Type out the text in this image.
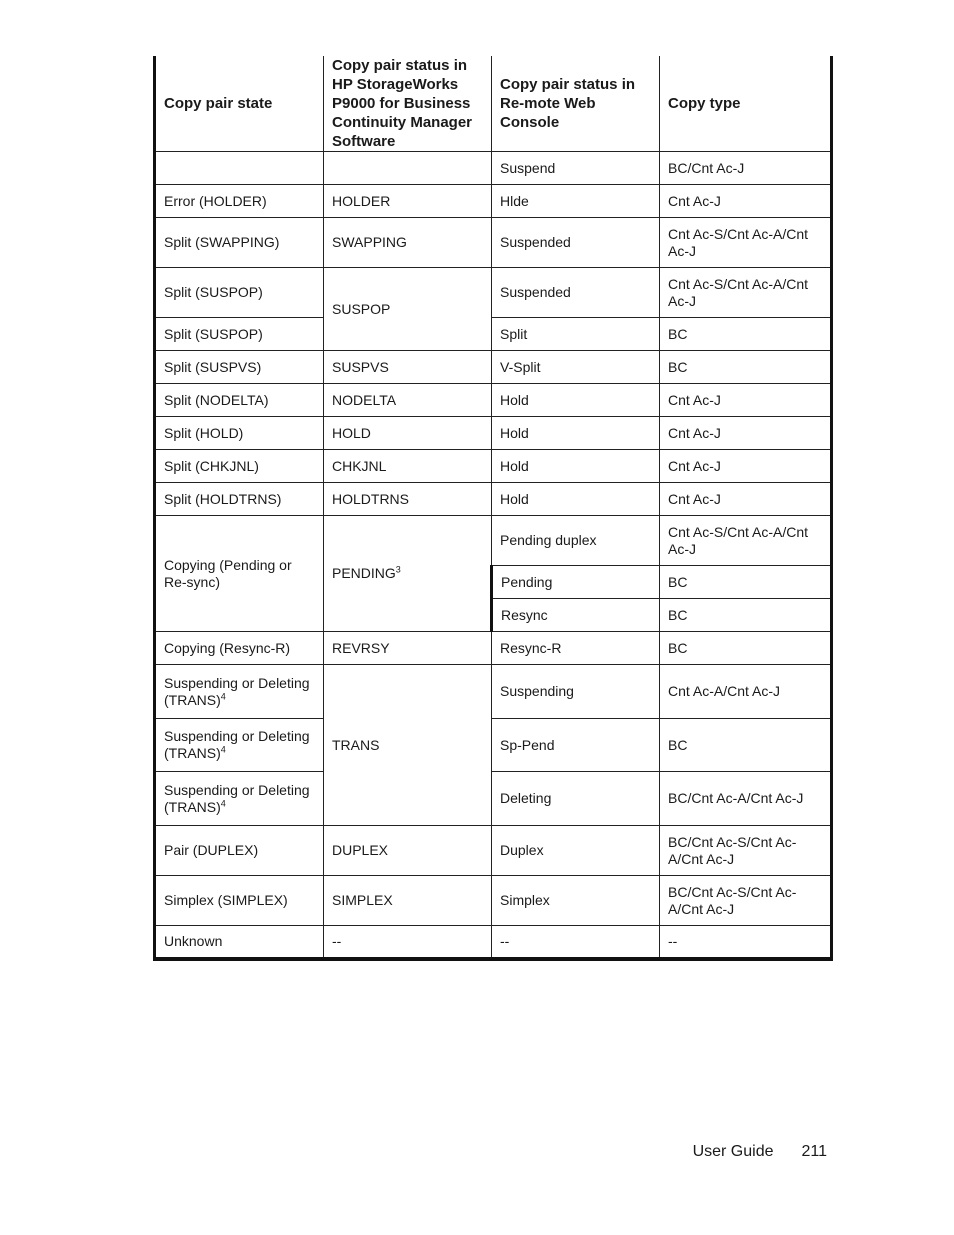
Copy pair state	Copy pair status in HP StorageWorks P9000 for Business Continuity Manager Software	Copy pair status in Re-mote Web Console	Copy type
		Suspend	BC/Cnt Ac-J
Error (HOLDER)	HOLDER	Hlde	Cnt Ac-J
Split (SWAPPING)	SWAPPING	Suspended	Cnt Ac-S/Cnt Ac-A/Cnt Ac-J
Split (SUSPOP)	SUSPOP	Suspended	Cnt Ac-S/Cnt Ac-A/Cnt Ac-J
Split (SUSPOP)		Split	BC
Split (SUSPVS)	SUSPVS	V-Split	BC
Split (NODELTA)	NODELTA	Hold	Cnt Ac-J
Split (HOLD)	HOLD	Hold	Cnt Ac-J
Split (CHKJNL)	CHKJNL	Hold	Cnt Ac-J
Split (HOLDTRNS)	HOLDTRNS	Hold	Cnt Ac-J
Copying (Pending or Re-sync)	PENDING$^3$	Pending duplex	Cnt Ac-S/Cnt Ac-A/Cnt Ac-J
		Pending	BC
		Resync	BC
Copying (Resync-R)	REVRSY	Resync-R	BC
Suspending or Deleting (TRANS)$^4$	TRANS	Suspending	Cnt Ac-A/Cnt Ac-J
Suspending or Deleting (TRANS)$^4$		Sp-Pend	BC
Suspending or Deleting (TRANS)$^4$		Deleting	BC/Cnt Ac-A/Cnt Ac-J
Pair (DUPLEX)	DUPLEX	Duplex	BC/Cnt Ac-S/Cnt Ac-A/Cnt Ac-J
Simplex (SIMPLEX)	SIMPLEX	Simplex	BC/Cnt Ac-S/Cnt Ac-A/Cnt Ac-J
Unknown	--	--	--
User Guide 211
